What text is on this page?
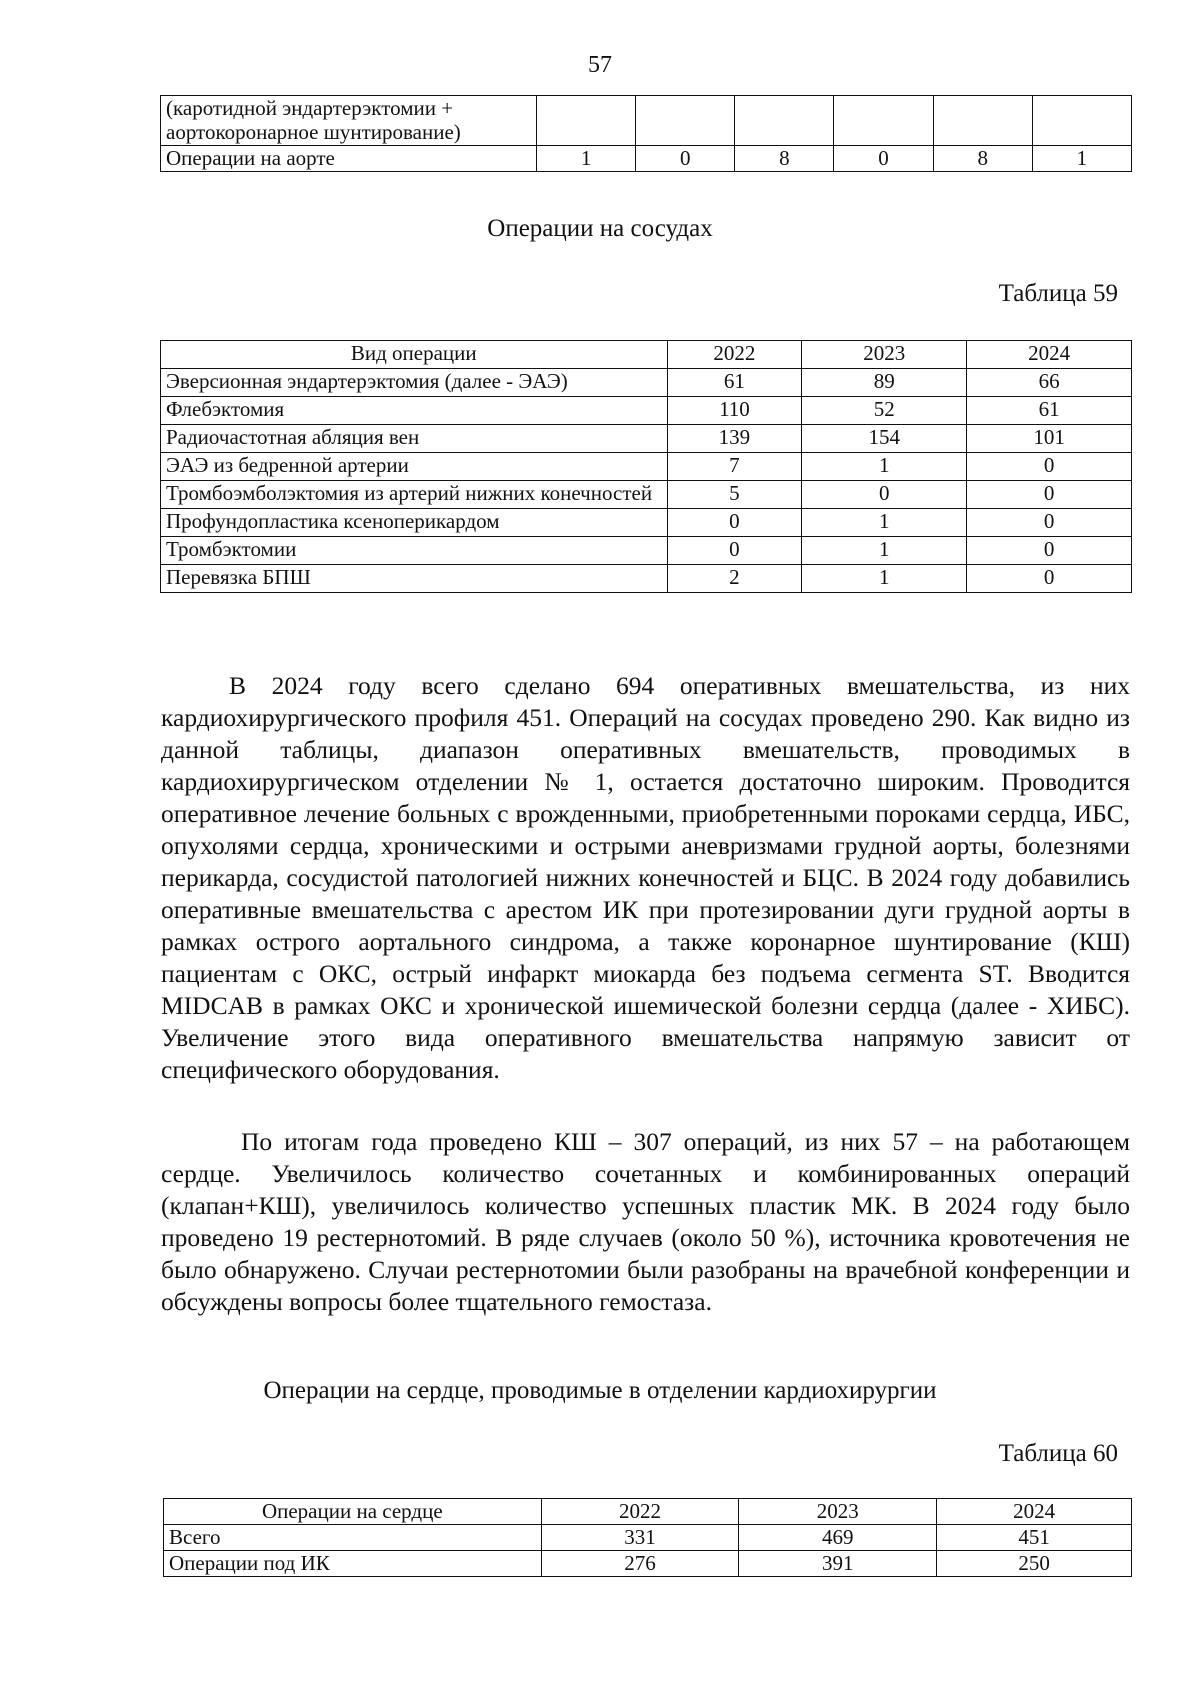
57
(каротидной эндартерэктомии + аортокоронарное шунтирование)						
Операции на аорте	1	0	8	0	8	1
Операции на сосудах
Таблица 59
Вид операции	2022	2023	2024
Эверсионная эндартерэктомия (далее - ЭАЭ)	61	89	66
Флебэктомия	110	52	61
Радиочастотная абляция вен	139	154	101
ЭАЭ из бедренной артерии	7	1	0
Тромбоэмболэктомия из артерий нижних конечностей	5	0	0
Профундопластика ксеноперикардом	0	1	0
Тромбэктомии	0	1	0
Перевязка БПШ	2	1	0

В 2024 году всего сделано 694 оперативных вмешательства, из них кардиохирургического профиля 451. Операций на сосудах проведено 290. Как видно из данной таблицы, диапазон оперативных вмешательств, проводимых в кардиохирургическом отделении № 1, остается достаточно широким. Проводится оперативное лечение больных с врожденными, приобретенными пороками сердца, ИБС, опухолями сердца, хроническими и острыми аневризмами грудной аорты, болезнями перикарда, сосудистой патологией нижних конечностей и БЦС. В 2024 году добавились оперативные вмешательства с арестом ИК при протезировании дуги грудной аорты в рамках острого аортального синдрома, а также коронарное шунтирование (КШ) пациентам с ОКС, острый инфаркт миокарда без подъема сегмента ST. Вводится MIDCAB в рамках ОКС и хронической ишемической болезни сердца (далее - ХИБС). Увеличение этого вида оперативного вмешательства напрямую зависит от специфического оборудования.

По итогам года проведено КШ – 307 операций, из них 57 – на работающем сердце. Увеличилось количество сочетанных и комбинированных операций (клапан+КШ), увеличилось количество успешных пластик МК. В 2024 году было проведено 19 рестернотомий. В ряде случаев (около 50 %), источника кровотечения не было обнаружено. Случаи рестернотомии были разобраны на врачебной конференции и обсуждены вопросы более тщательного гемостаза.

Операции на сердце, проводимые в отделении кардиохирургии
Таблица 60
Операции на сердце	2022	2023	2024
Всего	331	469	451
Операции под ИК	276	391	250
